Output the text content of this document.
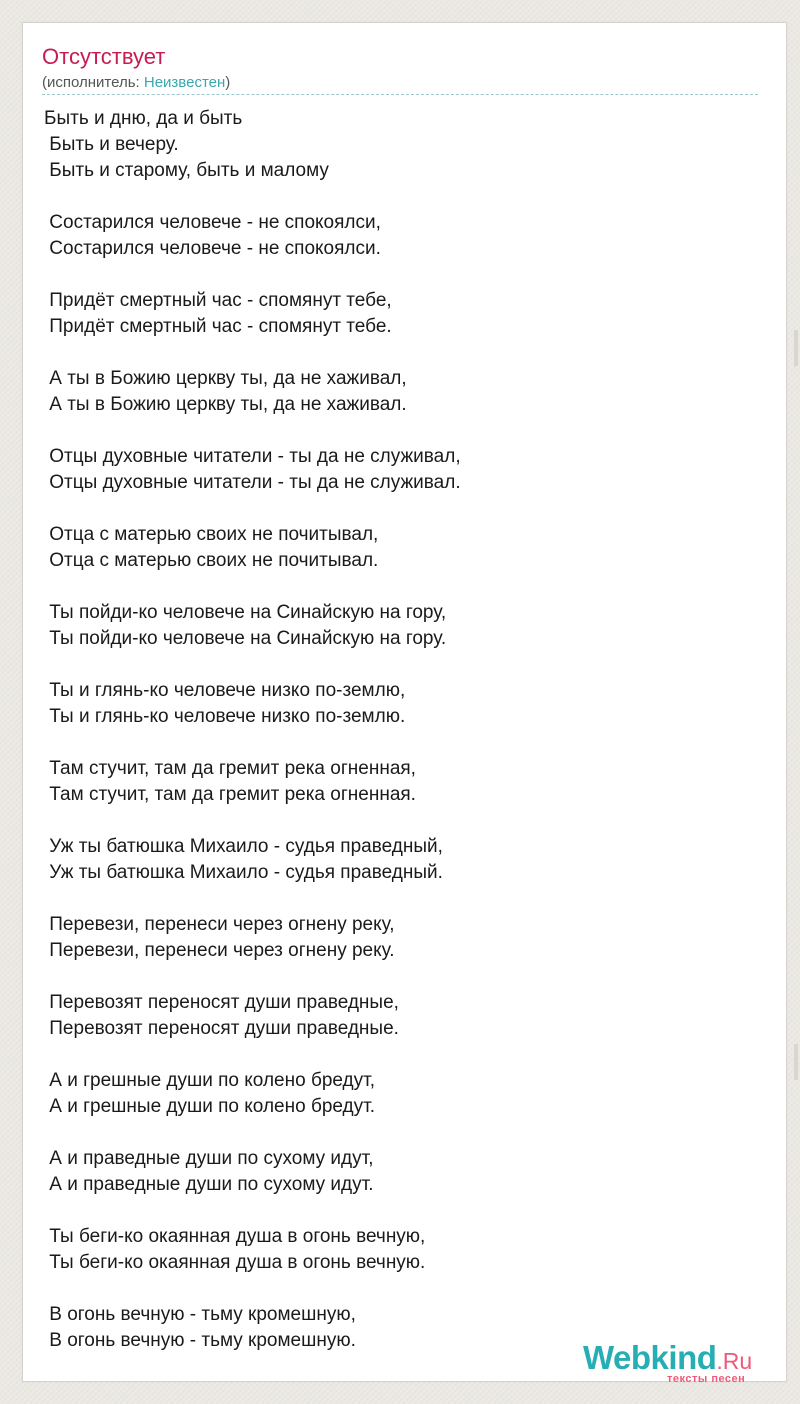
Отсутствует
(исполнитель: Неизвестен)
Быть и дню, да и быть
Быть и вечеру.
Быть и старому, быть и малому

Состарился человече - не спокоялси,
Состарился человече - не спокоялси.

Придёт смертный час - спомянут тебе,
Придёт смертный час - спомянут тебе.

А ты в Божию церкву ты, да не хаживал,
А ты в Божию церкву ты, да не хаживал.

Отцы духовные читатели - ты да не служивал,
Отцы духовные читатели - ты да не служивал.

Отца с матерью своих не почитывал,
Отца с матерью своих не почитывал.

Ты пойди-ко человече на Синайскую на гору,
Ты пойди-ко человече на Синайскую на гору.

Ты и глянь-ко человече низко по-землю,
Ты и глянь-ко человече низко по-землю.

Там стучит, там да гремит река огненная,
Там стучит, там да гремит река огненная.

Уж ты батюшка Михаило - судья праведный,
Уж ты батюшка Михаило - судья праведный.

Перевези, перенеси через огнену реку,
Перевези, перенеси через огнену реку.

Перевозят переносят души праведные,
Перевозят переносят души праведные.

А и грешные души по колено бредут,
А и грешные души по колено бредут.

А и праведные души по сухому идут,
А и праведные души по сухому идут.

Ты беги-ко окаянная душа в огонь вечную,
Ты беги-ко окаянная душа в огонь вечную.

В огонь вечную - тьму кромешную,
В огонь вечную - тьму кромешную.	Webkind.Ru
тексты песен
